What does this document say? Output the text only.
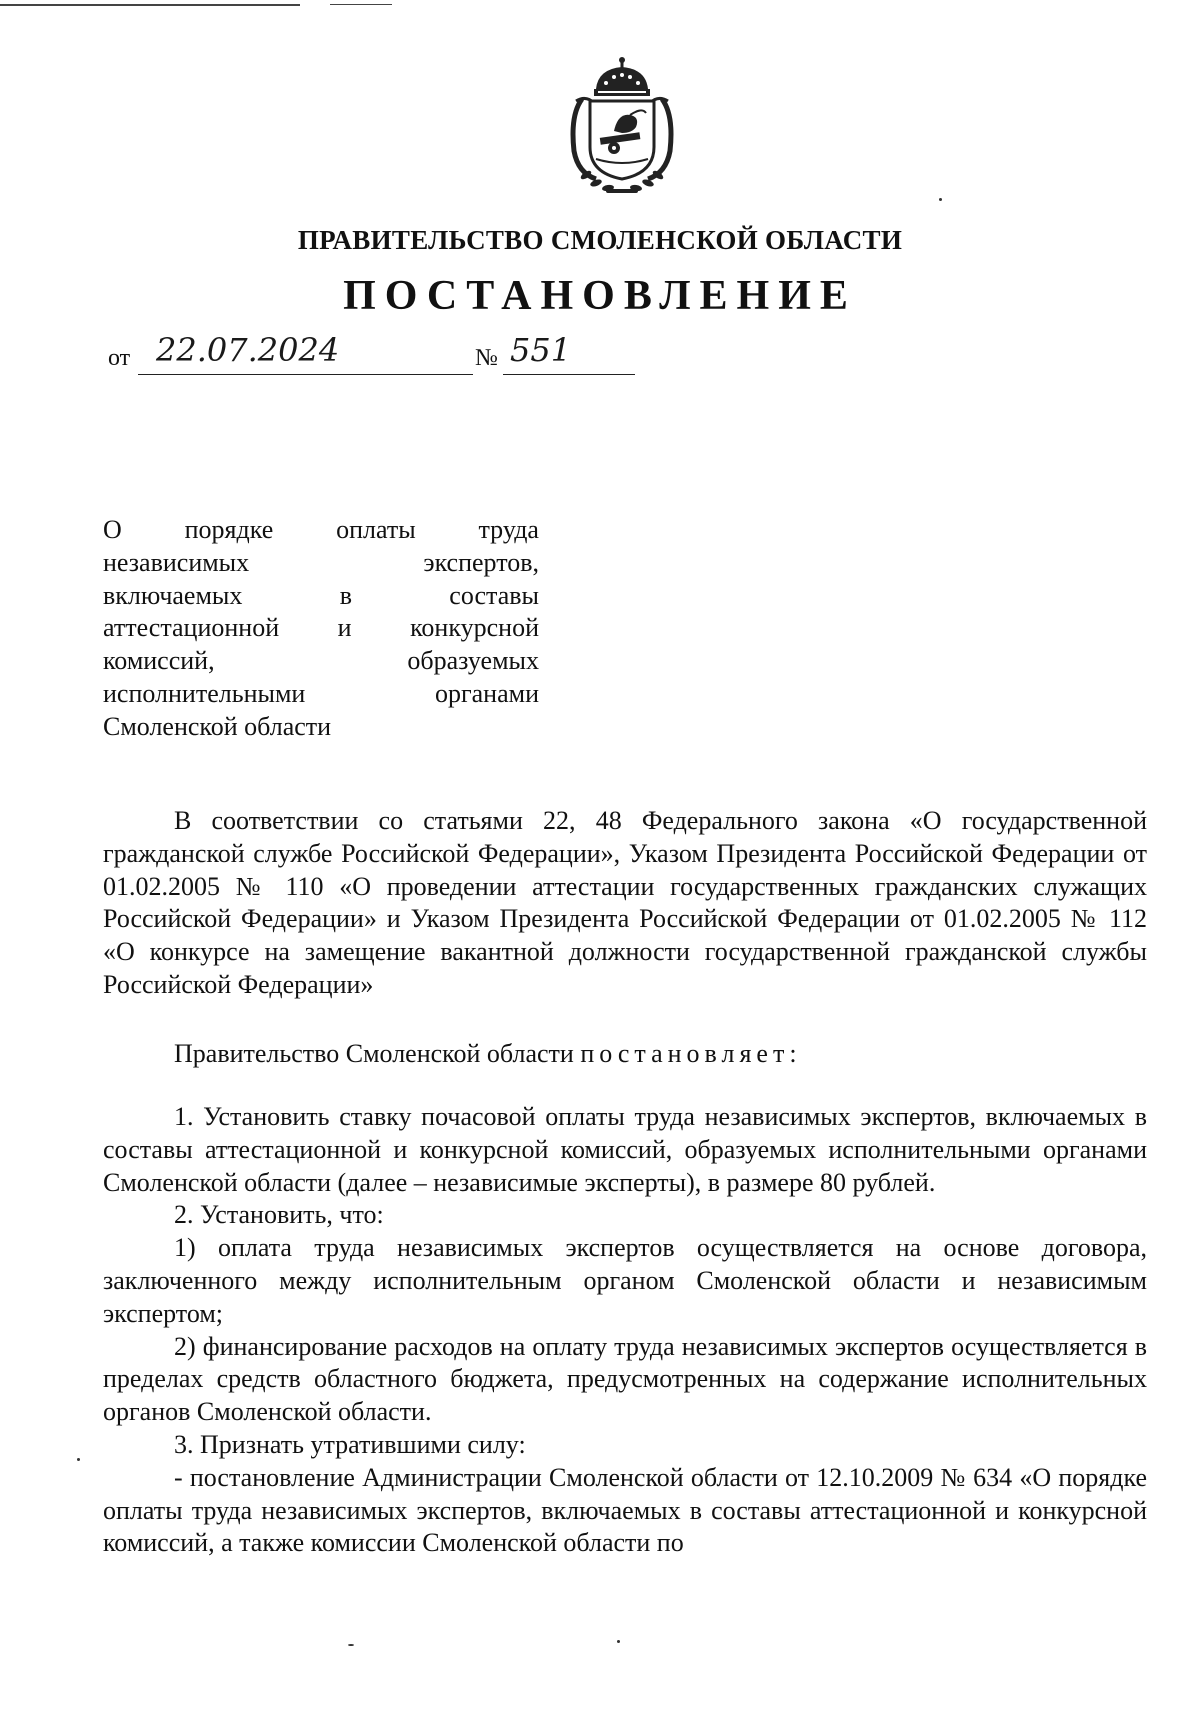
ПРАВИТЕЛЬСТВО СМОЛЕНСКОЙ ОБЛАСТИ
ПОСТАНОВЛЕНИЕ
от 22.07.2024	№ 551
О порядке оплаты труда
независимых	экспертов,
включаемых	в	составы
аттестационной и конкурсной
комиссий,	образуемых
исполнительными	органами
Смоленской области

В соответствии со статьями 22, 48 Федерального закона «О государственной гражданской службе Российской Федерации», Указом Президента Российской Федерации от 01.02.2005 № 110 «О проведении аттестации государственных гражданских служащих Российской Федерации» и Указом Президента Российской Федерации от 01.02.2005 № 112 «О конкурсе на замещение вакантной должности государственной гражданской службы Российской Федерации»

Правительство Смоленской области постановляет:

1. Установить ставку почасовой оплаты труда независимых экспертов, включаемых в составы аттестационной и конкурсной комиссий, образуемых исполнительными органами Смоленской области (далее – независимые эксперты), в размере 80 рублей.

2. Установить, что:

1) оплата труда независимых экспертов осуществляется на основе договора, заключенного между исполнительным органом Смоленской области и независимым экспертом;

2) финансирование расходов на оплату труда независимых экспертов осуществляется в пределах средств областного бюджета, предусмотренных на содержание исполнительных органов Смоленской области.

3. Признать утратившими силу:

- постановление Администрации Смоленской области от 12.10.2009 № 634 «О порядке оплаты труда независимых экспертов, включаемых в составы аттестационной и конкурсной комиссий, а также комиссии Смоленской области по
